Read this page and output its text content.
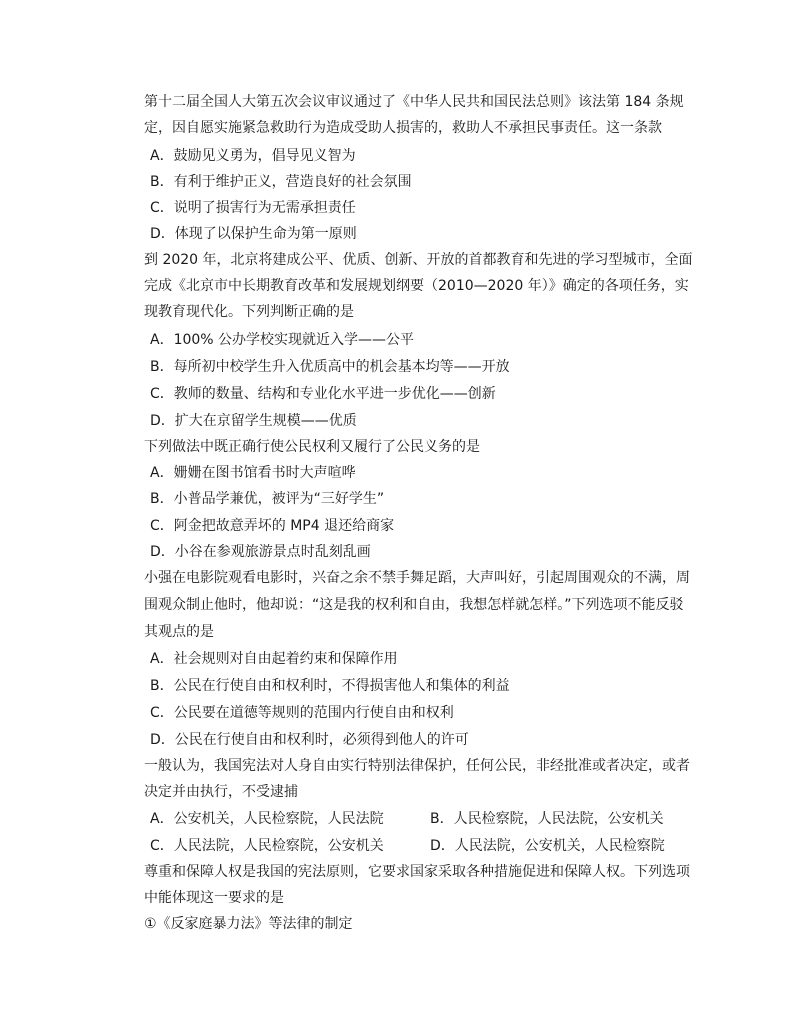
第十二届全国人大第五次会议审议通过了《中华人民共和国民法总则》该法第 184 条规
定，因自愿实施紧急救助行为造成受助人损害的，救助人不承担民事责任。这一条款
A．鼓励见义勇为，倡导见义智为
B．有利于维护正义，营造良好的社会氛围
C．说明了损害行为无需承担责任
D．体现了以保护生命为第一原则
到 2020 年，北京将建成公平、优质、创新、开放的首都教育和先进的学习型城市，全面
完成《北京市中长期教育改革和发展规划纲要（2010—2020 年）》确定的各项任务，实
现教育现代化。下列判断正确的是
A．100% 公办学校实现就近入学——公平
B．每所初中校学生升入优质高中的机会基本均等——开放
C．教师的数量、结构和专业化水平进一步优化——创新
D．扩大在京留学生规模——优质
下列做法中既正确行使公民权利又履行了公民义务的是
A．姗姗在图书馆看书时大声喧哗
B．小普品学兼优，被评为“三好学生”
C．阿金把故意弄坏的 MP4 退还给商家
D．小谷在参观旅游景点时乱刻乱画
小强在电影院观看电影时，兴奋之余不禁手舞足蹈，大声叫好，引起周围观众的不满，周
围观众制止他时，他却说：“这是我的权利和自由，我想怎样就怎样。”下列选项不能反驳
其观点的是
A．社会规则对自由起着约束和保障作用
B．公民在行使自由和权利时，不得损害他人和集体的利益
C．公民要在道德等规则的范围内行使自由和权利
D．公民在行使自由和权利时，必须得到他人的许可
一般认为，我国宪法对人身自由实行特别法律保护，任何公民，非经批准或者决定，或者
决定并由执行，不受逮捕
A．公安机关，人民检察院，人民法院	B．人民检察院，人民法院，公安机关
C．人民法院，人民检察院，公安机关	D．人民法院，公安机关，人民检察院
尊重和保障人权是我国的宪法原则，它要求国家采取各种措施促进和保障人权。下列选项
中能体现这一要求的是
①《反家庭暴力法》等法律的制定
